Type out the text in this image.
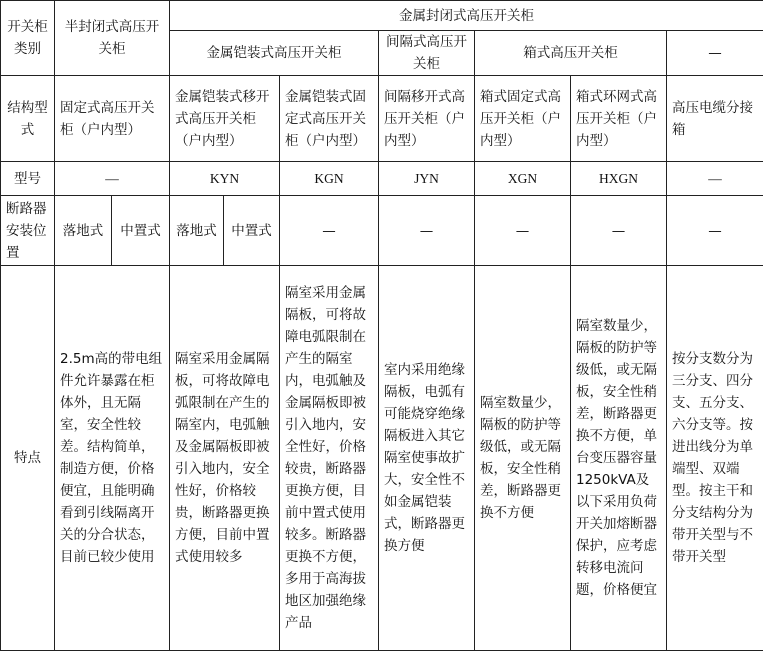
开关柜类别	半封闭式高压开关柜		金属封闭式高压开关柜						
			金属铠装式高压开关柜			间隔式高压开关柜	箱式高压开关柜		—
结构型式	固定式高压开关柜（户内型）		金属铠装式移开式高压开关柜（户内型）		金属铠装式固定式高压开关柜（户内型）	间隔移开式高压开关柜（户内型）	箱式固定式高压开关柜（户内型）	箱式环网式高压开关柜（户内型）	高压电缆分接箱
型号	—		KYN		KGN	JYN	XGN	HXGN	—
断路器安装位置	落地式	中置式	落地式	中置式	—	—	—	—	—
特点	2.5m高的带电组件允许暴露在柜体外，且无隔室，安全性较差。结构简单，制造方便，价格便宜，且能明确看到引线隔离开关的分合状态，目前已较少使用		隔室采用金属隔板，可将故障电弧限制在产生的隔室内，电弧触及金属隔板即被引入地内，安全性好，价格较贵，断路器更换方便，目前中置式使用较多		隔室采用金属隔板，可将故障电弧限制在产生的隔室内，电弧触及金属隔板即被引入地内，安全性好，价格较贵，断路器更换方便，目前中置式使用较多。断路器更换不方便，多用于高海拔地区加强绝缘产品	室内采用绝缘隔板，电弧有可能烧穿绝缘隔板进入其它隔室使事故扩大，安全性不如金属铠装式，断路器更换方便	隔室数量少，隔板的防护等级低，或无隔板，安全性稍差，断路器更换不方便	隔室数量少，隔板的防护等级低，或无隔板，安全性稍差，断路器更换不方便，单台变压器容量1250kVA及以下采用负荷开关加熔断器保护，应考虑转移电流问题，价格便宜	按分支数分为三分支、四分支、五分支、六分支等。按进出线分为单端型、双端型。按主干和分支结构分为带开关型与不带开关型
